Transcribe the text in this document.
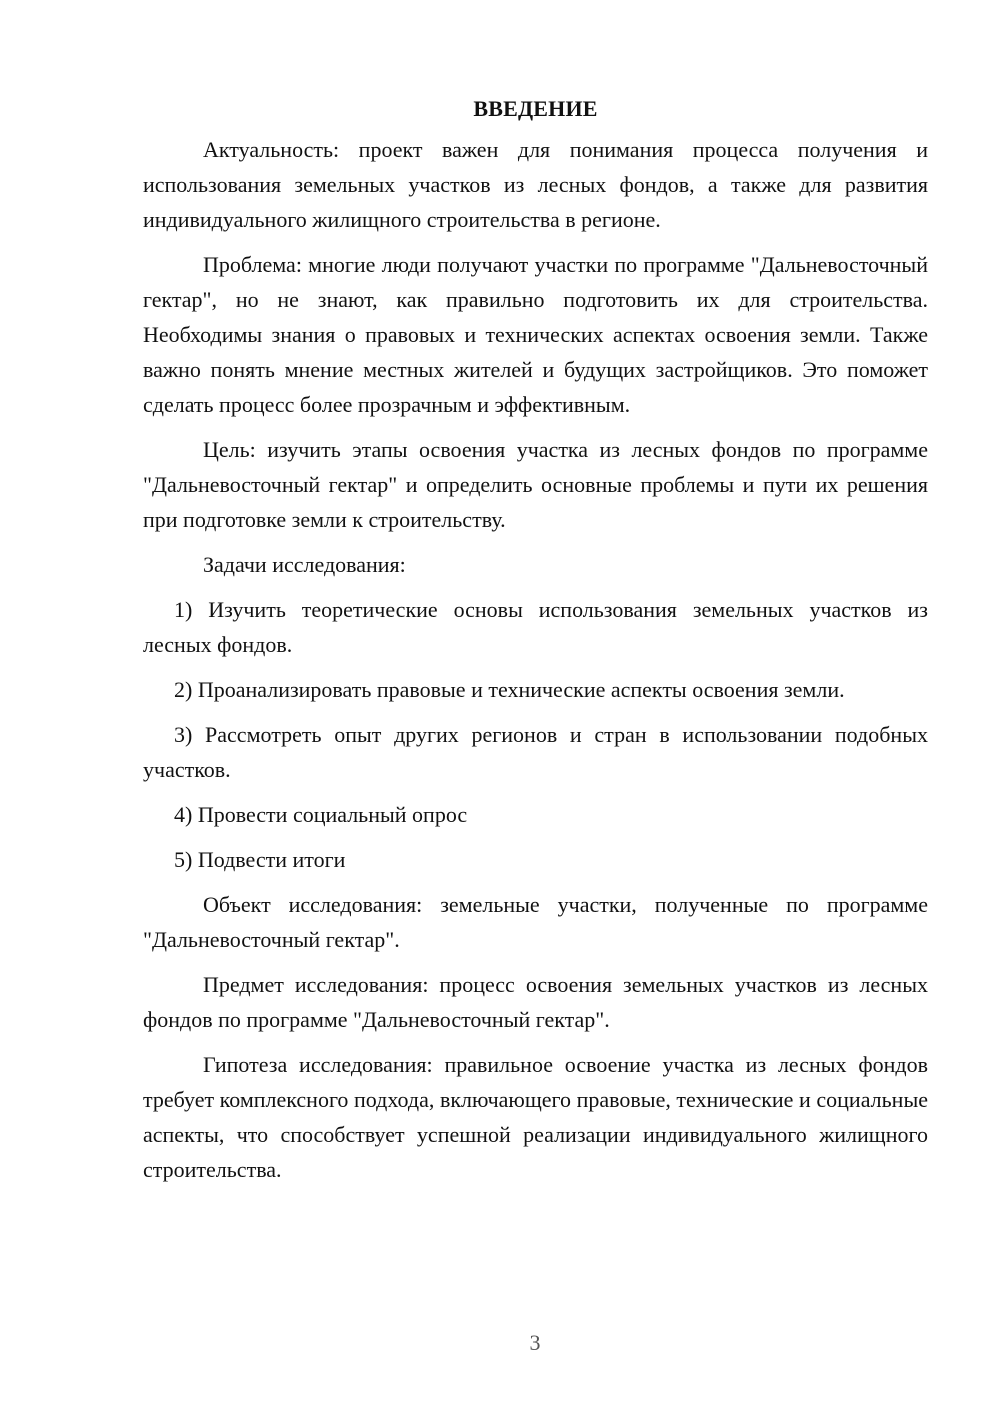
ВВЕДЕНИЕ

Актуальность: проект важен для понимания процесса получения и использования земельных участков из лесных фондов, а также для развития индивидуального жилищного строительства в регионе.

Проблема: многие люди получают участки по программе "Дальневосточный гектар", но не знают, как правильно подготовить их для строительства. Необходимы знания о правовых и технических аспектах освоения земли. Также важно понять мнение местных жителей и будущих застройщиков. Это поможет сделать процесс более прозрачным и эффективным.

Цель: изучить этапы освоения участка из лесных фондов по программе "Дальневосточный гектар" и определить основные проблемы и пути их решения при подготовке земли к строительству.

Задачи исследования:

1) Изучить теоретические основы использования земельных участков из лесных фондов.

2) Проанализировать правовые и технические аспекты освоения земли.

3) Рассмотреть опыт других регионов и стран в использовании подобных участков.

4) Провести социальный опрос

5) Подвести итоги

Объект исследования: земельные участки, полученные по программе "Дальневосточный гектар".

Предмет исследования: процесс освоения земельных участков из лесных фондов по программе "Дальневосточный гектар".

Гипотеза исследования: правильное освоение участка из лесных фондов требует комплексного подхода, включающего правовые, технические и социальные аспекты, что способствует успешной реализации индивидуального жилищного строительства.

3
